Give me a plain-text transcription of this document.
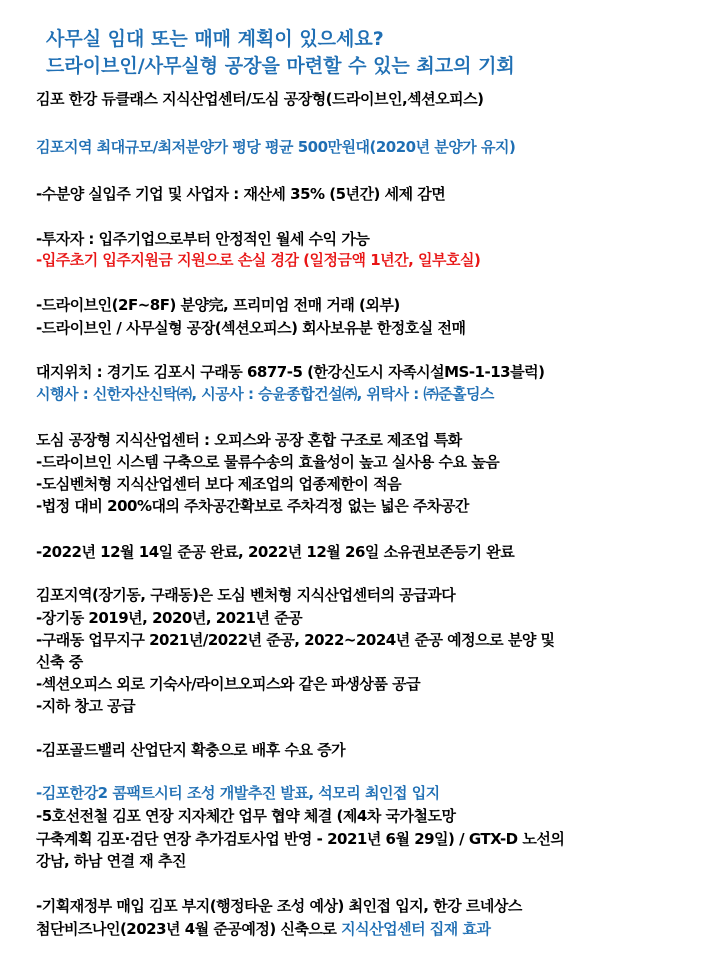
사무실 임대 또는 매매 계획이 있으세요?
드라이브인/사무실형 공장을 마련할 수 있는 최고의 기회
김포 한강 듀클래스 지식산업센터/도심 공장형(드라이브인,섹션오피스)
김포지역 최대규모/최저분양가 평당 평균 500만원대(2020년 분양가 유지)
-수분양 실입주 기업 및 사업자 : 재산세 35% (5년간) 세제 감면
-투자자 : 입주기업으로부터 안정적인 월세 수익 가능
-입주초기 입주지원금 지원으로 손실 경감 (일정금액 1년간, 일부호실)
-드라이브인(2F~8F) 분양完, 프리미엄 전매 거래 (외부)
-드라이브인 / 사무실형 공장(섹션오피스) 회사보유분 한정호실 전매
대지위치 : 경기도 김포시 구래동 6877-5 (한강신도시 자족시설MS-1-13블럭)
시행사 : 신한자산신탁㈜, 시공사 : 승윤종합건설㈜, 위탁사 : ㈜준홀딩스
도심 공장형 지식산업센터 : 오피스와 공장 혼합 구조로 제조업 특화
-드라이브인 시스템 구축으로 물류수송의 효율성이 높고 실사용 수요 높음
-도심벤처형 지식산업센터 보다 제조업의 업종제한이 적음
-법정 대비 200%대의 주차공간확보로 주차걱정 없는 넓은 주차공간
-2022년 12월 14일 준공 완료, 2022년 12월 26일 소유권보존등기 완료
김포지역(장기동, 구래동)은 도심 벤처형 지식산업센터의 공급과다
-장기동 2019년, 2020년, 2021년 준공
-구래동 업무지구 2021년/2022년 준공, 2022~2024년 준공 예정으로 분양 및
신축 중
-섹션오피스 외로 기숙사/라이브오피스와 같은 파생상품 공급
-지하 창고 공급
-김포골드밸리 산업단지 확충으로 배후 수요 증가
-김포한강2 콤팩트시티 조성 개발추진 발표, 석모리 최인접 입지
-5호선전철 김포 연장 지자체간 업무 협약 체결 (제4차 국가철도망
구축계획 김포·검단 연장 추가검토사업 반영 - 2021년 6월 29일) / GTX-D 노선의
강남, 하남 연결 재 추진
-기획재정부 매입 김포 부지(행정타운 조성 예상) 최인접 입지, 한강 르네상스
첨단비즈나인(2023년 4월 준공예정) 신축으로 지식산업센터 집재 효과
